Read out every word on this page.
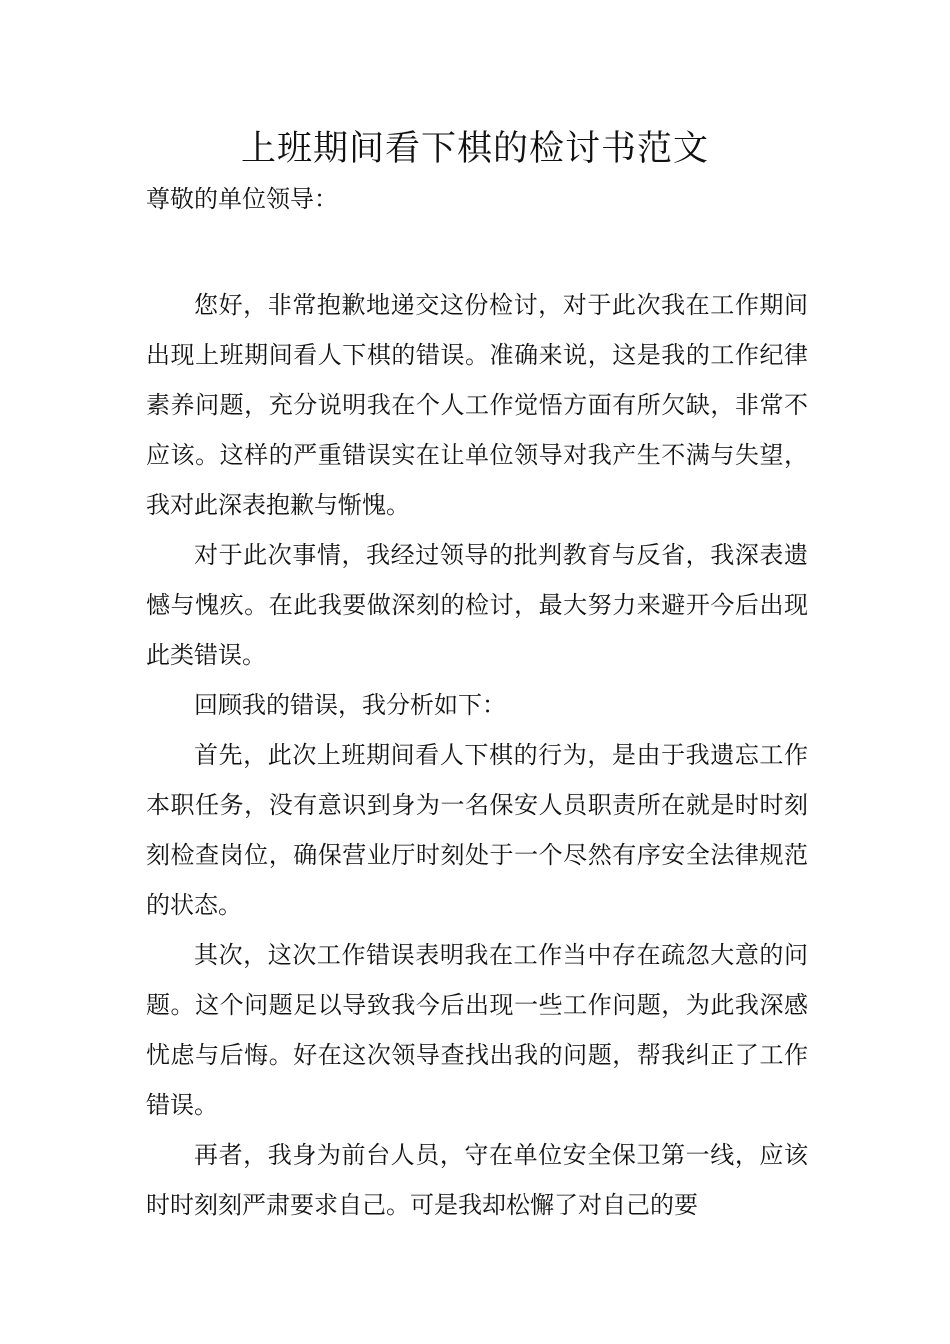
上班期间看下棋的检讨书范文
尊敬的单位领导：

您好，非常抱歉地递交这份检讨，对于此次我在工作期间出现上班期间看人下棋的错误。准确来说，这是我的工作纪律素养问题，充分说明我在个人工作觉悟方面有所欠缺，非常不应该。这样的严重错误实在让单位领导对我产生不满与失望，我对此深表抱歉与惭愧。

对于此次事情，我经过领导的批判教育与反省，我深表遗憾与愧疚。在此我要做深刻的检讨，最大努力来避开今后出现此类错误。

回顾我的错误，我分析如下：

首先，此次上班期间看人下棋的行为，是由于我遗忘工作本职任务，没有意识到身为一名保安人员职责所在就是时时刻刻检查岗位，确保营业厅时刻处于一个尽然有序安全法律规范的状态。

其次，这次工作错误表明我在工作当中存在疏忽大意的问题。这个问题足以导致我今后出现一些工作问题，为此我深感忧虑与后悔。好在这次领导查找出我的问题，帮我纠正了工作错误。

再者，我身为前台人员，守在单位安全保卫第一线，应该时时刻刻严肃要求自己。可是我却松懈了对自己的要
